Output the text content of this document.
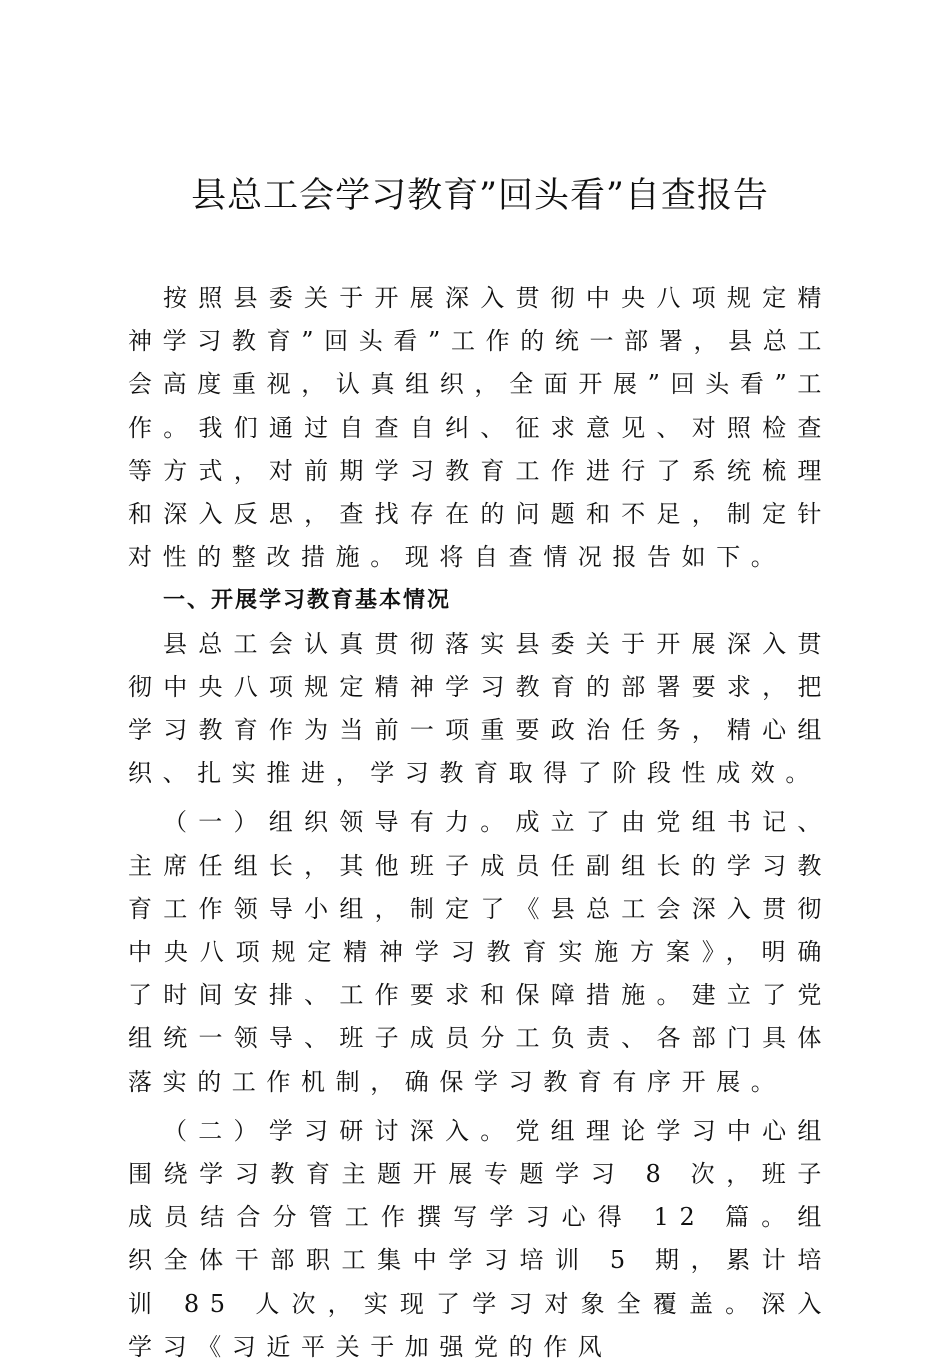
县总工会学习教育”回头看”自查报告

按照县委关于开展深入贯彻中央八项规定精神学习教育”回头看”工作的统一部署，县总工会高度重视，认真组织，全面开展”回头看”工作。我们通过自查自纠、征求意见、对照检查等方式，对前期学习教育工作进行了系统梳理和深入反思，查找存在的问题和不足，制定针对性的整改措施。现将自查情况报告如下。

一、开展学习教育基本情况

县总工会认真贯彻落实县委关于开展深入贯彻中央八项规定精神学习教育的部署要求，把学习教育作为当前一项重要政治任务，精心组织、扎实推进，学习教育取得了阶段性成效。

（一）组织领导有力。成立了由党组书记、主席任组长，其他班子成员任副组长的学习教育工作领导小组，制定了《县总工会深入贯彻中央八项规定精神学习教育实施方案》，明确了时间安排、工作要求和保障措施。建立了党组统一领导、班子成员分工负责、各部门具体落实的工作机制，确保学习教育有序开展。

（二）学习研讨深入。党组理论学习中心组围绕学习教育主题开展专题学习 8 次，班子成员结合分管工作撰写学习心得 12 篇。组织全体干部职工集中学习培训 5 期，累计培训 85 人次，实现了学习对象全覆盖。深入学习《习近平关于加强党的作风
